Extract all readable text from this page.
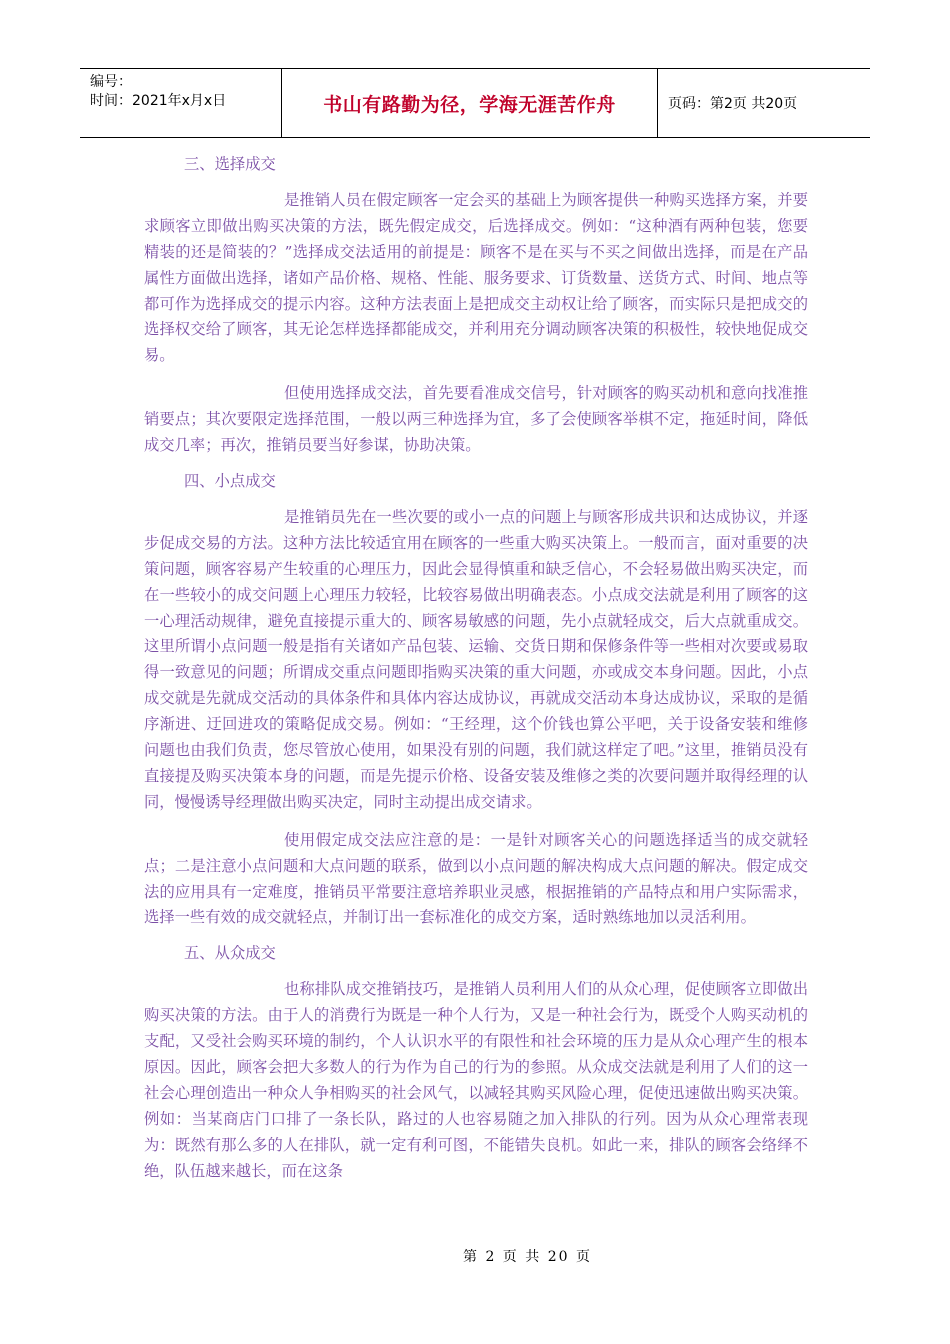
编号：
时间：2021年x月x日	书山有路勤为径，学海无涯苦作舟	页码：第2页 共20页

三、选择成交

是推销人员在假定顾客一定会买的基础上为顾客提供一种购买选择方案，并要求顾客立即做出购买决策的方法，既先假定成交，后选择成交。例如：“这种酒有两种包装，您要精装的还是简装的？”选择成交法适用的前提是：顾客不是在买与不买之间做出选择，而是在产品属性方面做出选择，诸如产品价格、规格、性能、服务要求、订货数量、送货方式、时间、地点等都可作为选择成交的提示内容。这种方法表面上是把成交主动权让给了顾客，而实际只是把成交的选择权交给了顾客，其无论怎样选择都能成交，并利用充分调动顾客决策的积极性，较快地促成交易。

但使用选择成交法，首先要看准成交信号，针对顾客的购买动机和意向找准推销要点；其次要限定选择范围，一般以两三种选择为宜，多了会使顾客举棋不定，拖延时间，降低成交几率；再次，推销员要当好参谋，协助决策。

四、小点成交

是推销员先在一些次要的或小一点的问题上与顾客形成共识和达成协议，并逐步促成交易的方法。这种方法比较适宜用在顾客的一些重大购买决策上。一般而言，面对重要的决策问题，顾客容易产生较重的心理压力，因此会显得慎重和缺乏信心，不会轻易做出购买决定，而在一些较小的成交问题上心理压力较轻，比较容易做出明确表态。小点成交法就是利用了顾客的这一心理活动规律，避免直接提示重大的、顾客易敏感的问题，先小点就轻成交，后大点就重成交。这里所谓小点问题一般是指有关诸如产品包装、运输、交货日期和保修条件等一些相对次要或易取得一致意见的问题；所谓成交重点问题即指购买决策的重大问题，亦或成交本身问题。因此，小点成交就是先就成交活动的具体条件和具体内容达成协议，再就成交活动本身达成协议，采取的是循序渐进、迂回进攻的策略促成交易。例如：“王经理，这个价钱也算公平吧，关于设备安装和维修问题也由我们负责，您尽管放心使用，如果没有别的问题，我们就这样定了吧。”这里，推销员没有直接提及购买决策本身的问题，而是先提示价格、设备安装及维修之类的次要问题并取得经理的认同，慢慢诱导经理做出购买决定，同时主动提出成交请求。

使用假定成交法应注意的是：一是针对顾客关心的问题选择适当的成交就轻点；二是注意小点问题和大点问题的联系，做到以小点问题的解决构成大点问题的解决。假定成交法的应用具有一定难度，推销员平常要注意培养职业灵感，根据推销的产品特点和用户实际需求，选择一些有效的成交就轻点，并制订出一套标准化的成交方案，适时熟练地加以灵活利用。

五、从众成交

也称排队成交推销技巧，是推销人员利用人们的从众心理，促使顾客立即做出购买决策的方法。由于人的消费行为既是一种个人行为，又是一种社会行为，既受个人购买动机的支配，又受社会购买环境的制约，个人认识水平的有限性和社会环境的压力是从众心理产生的根本原因。因此，顾客会把大多数人的行为作为自己的行为的参照。从众成交法就是利用了人们的这一社会心理创造出一种众人争相购买的社会风气，以减轻其购买风险心理，促使迅速做出购买决策。例如：当某商店门口排了一条长队，路过的人也容易随之加入排队的行列。因为从众心理常表现为：既然有那么多的人在排队，就一定有利可图，不能错失良机。如此一来，排队的顾客会络绎不绝，队伍越来越长，而在这条

第 2 页 共 20 页
